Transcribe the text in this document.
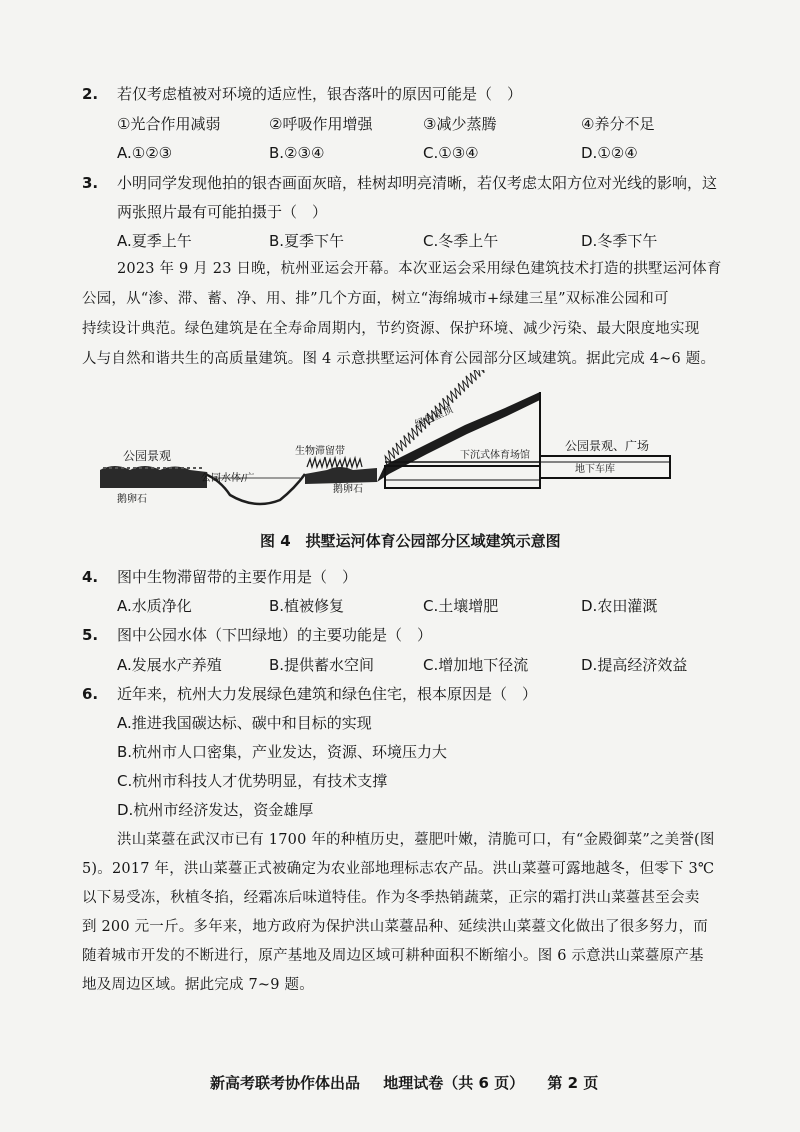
2. 若仅考虑植被对环境的适应性，银杏落叶的原因可能是（　）
①光合作用减弱	②呼吸作用增强	③减少蒸腾	④养分不足
A.①②③	B.②③④	C.①③④	D.①②④
3. 小明同学发现他拍的银杏画面灰暗，桂树却明亮清晰，若仅考虑太阳方位对光线的影响，这
两张照片最有可能拍摄于（　）
A.夏季上午	B.夏季下午	C.冬季上午	D.冬季下午
2023 年 9 月 23 日晚，杭州亚运会开幕。本次亚运会采用绿色建筑技术打造的拱墅运河体育
公园，从“渗、滞、蓄、净、用、排”几个方面，树立“海绵城市+绿建三星”双标准公园和可
持续设计典范。绿色建筑是在全寿命周期内，节约资源、保护环境、减少污染、最大限度地实现
人与自然和谐共生的高质量建筑。图 4 示意拱墅运河体育公园部分区域建筑。据此完成 4~6 题。
公园景观
鹅卵石
公园水体/广
生物滞留带
鹅卵石
绿色屋顶
下沉式体育场馆
公园景观、广场
地下车库
图 4　拱墅运河体育公园部分区域建筑示意图
4. 图中生物滞留带的主要作用是（　）
A.水质净化	B.植被修复	C.土壤增肥	D.农田灌溉
5. 图中公园水体（下凹绿地）的主要功能是（　）
A.发展水产养殖	B.提供蓄水空间	C.增加地下径流	D.提高经济效益
6. 近年来，杭州大力发展绿色建筑和绿色住宅，根本原因是（　）
A.推进我国碳达标、碳中和目标的实现
B.杭州市人口密集，产业发达，资源、环境压力大
C.杭州市科技人才优势明显，有技术支撑
D.杭州市经济发达，资金雄厚
洪山菜薹在武汉市已有 1700 年的种植历史，薹肥叶嫩，清脆可口，有“金殿御菜”之美誉(图
5)。2017 年，洪山菜薹正式被确定为农业部地理标志农产品。洪山菜薹可露地越冬，但零下 3℃
以下易受冻，秋植冬掐，经霜冻后味道特佳。作为冬季热销蔬菜，正宗的霜打洪山菜薹甚至会卖
到 200 元一斤。多年来，地方政府为保护洪山菜薹品种、延续洪山菜薹文化做出了很多努力，而
随着城市开发的不断进行，原产基地及周边区域可耕种面积不断缩小。图 6 示意洪山菜薹原产基
地及周边区域。据此完成 7~9 题。
新高考联考协作体出品 地理试卷（共 6 页） 第 2 页
